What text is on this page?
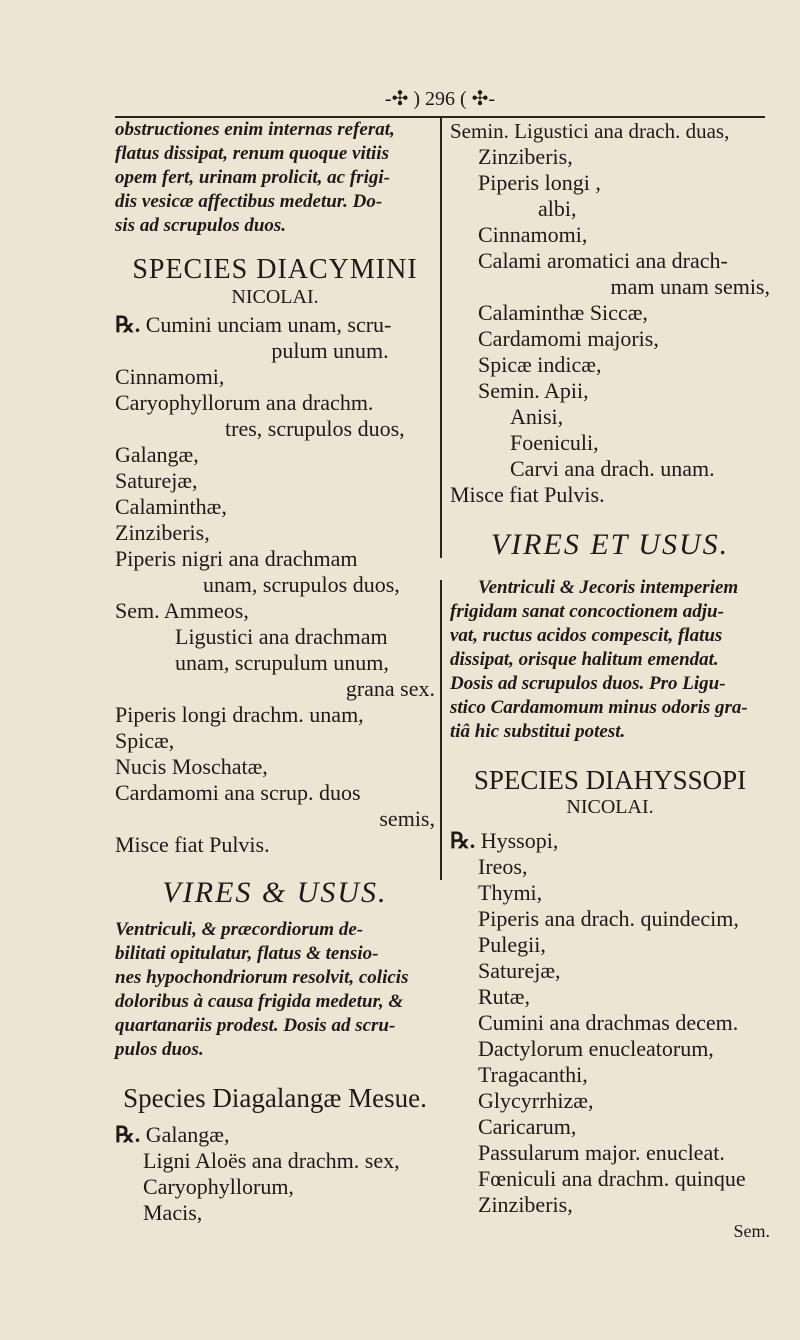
-✣ ) 296 ( ✣-
obstructiones enim internas referat,
flatus dissipat, renum quoque vitiis
opem fert, urinam prolicit, ac frigi-
dis vesicæ affectibus medetur. Do-
sis ad scrupulos duos.
SPECIES DIACYMINI
NICOLAI.
℞. Cumini unciam unam, scru-
pulum unum.
Cinnamomi,
Caryophyllorum ana drachm.
tres, scrupulos duos,
Galangæ,
Saturejæ,
Calaminthæ,
Zinziberis,
Piperis nigri ana drachmam
unam, scrupulos duos,
Sem. Ammeos,
Ligustici ana drachmam
unam, scrupulum unum,
grana sex.
Piperis longi drachm. unam,
Spicæ,
Nucis Moschatæ,
Cardamomi ana scrup. duos
semis,
Misce fiat Pulvis.
VIRES & USUS.
Ventriculi, & præcordiorum de-
bilitati opitulatur, flatus & tensio-
nes hypochondriorum resolvit, colicis
doloribus à causa frigida medetur, &
quartanariis prodest. Dosis ad scru-
pulos duos.
Species Diagalangæ Mesue.
℞. Galangæ,
Ligni Aloës ana drachm. sex,
Caryophyllorum,
Macis,
Semin. Ligustici ana drach. duas,
Zinziberis,
Piperis longi ,
albi,
Cinnamomi,
Calami aromatici ana drach-
mam unam semis,
Calaminthæ Siccæ,
Cardamomi majoris,
Spicæ indicæ,
Semin. Apii,
Anisi,
Foeniculi,
Carvi ana drach. unam.
Misce fiat Pulvis.
VIRES ET USUS.
Ventriculi & Jecoris intemperiem
frigidam sanat concoctionem adju-
vat, ructus acidos compescit, flatus
dissipat, orisque halitum emendat.
Dosis ad scrupulos duos. Pro Ligu-
stico Cardamomum minus odoris gra-
tiâ hic substitui potest.
SPECIES DIAHYSSOPI
NICOLAI.
℞. Hyssopi,
Ireos,
Thymi,
Piperis ana drach. quindecim,
Pulegii,
Saturejæ,
Rutæ,
Cumini ana drachmas decem.
Dactylorum enucleatorum,
Tragacanthi,
Glycyrrhizæ,
Caricarum,
Passularum major. enucleat.
Fœniculi ana drachm. quinque
Zinziberis,
Sem.
